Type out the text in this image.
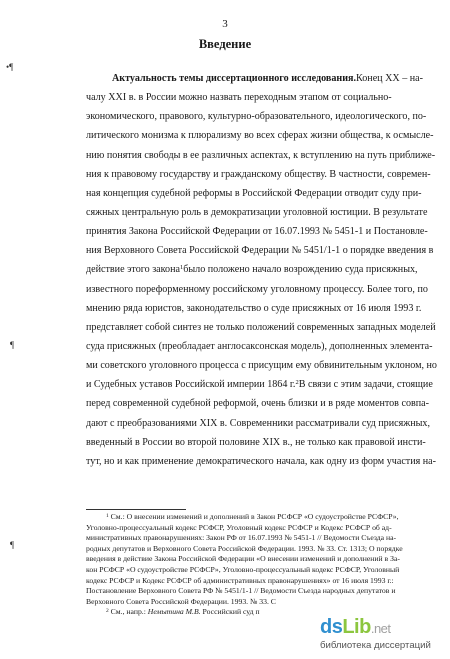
3
Введение
•¶
¶
¶
Актуальность темы диссертационного исследования. Конец XX – на-
чалу XXI в. в России можно назвать переходным этапом от социально-
экономического, правового, культурно-образовательного, идеологического, по-
литического монизма к плюрализму во всех сферах жизни общества, к осмысле-
нию понятия свободы в ее различных аспектах, к вступлению на путь приближе-
ния к правовому государству и гражданскому обществу. В частности, современ-
ная концепция судебной реформы в Российской Федерации отводит суду при-
сяжных центральную роль в демократизации уголовной юстиции. В результате
принятия Закона Российской Федерации от 16.07.1993 № 5451-1 и Постановле-
ния Верховного Совета Российской Федерации № 5451/1-1 о порядке введения в
действие этого закона$^1$ было положено начало возрождению суда присяжных,
известного пореформенному российскому уголовному процессу. Более того, по
мнению ряда юристов, законодательство о суде присяжных от 16 июля 1993 г.
представляет собой синтез не только положений современных западных моделей
суда присяжных (преобладает англосаксонская модель), дополненных элемента-
ми советского уголовного процесса с присущим ему обвинительным уклоном, но
и Судебных уставов Российской империи 1864 г.$^2$ В связи с этим задачи, стоящие
перед современной судебной реформой, очень близки и в ряде моментов совпа-
дают с преобразованиями XIX в. Современники рассматривали суд присяжных,
введенный в России во второй половине XIX в., не только как правовой инсти-
тут, но и как применение демократического начала, как одну из форм участия на-
$^1$ См.: О внесении изменений и дополнений в Закон РСФСР «О судоустройстве РСФСР»,
Уголовно-процессуальный кодекс РСФСР, Уголовный кодекс РСФСР и Кодекс РСФСР об ад-
министративных правонарушениях: Закон РФ от 16.07.1993 № 5451-1 // Ведомости Съезда на-
родных депутатов и Верховного Совета Российской Федерации. 1993. № 33. Ст. 1313; О порядке
введения в действие Закона Российской Федерации «О внесении изменений и дополнений в За-
кон РСФСР «О судоустройстве РСФСР», Уголовно-процессуальный кодекс РСФСР, Уголовный
кодекс РСФСР и Кодекс РСФСР об административных правонарушениях» от 16 июля 1993 г.:
Постановление Верховного Совета РФ № 5451/1-1 // Ведомости Съезда народных депутатов и
Верховного Совета Российской Федерации. 1993. № 33. С
$^2$ См., напр.: Немытина М.В. Российский суд п
dsLib.net
библиотека диссертаций
